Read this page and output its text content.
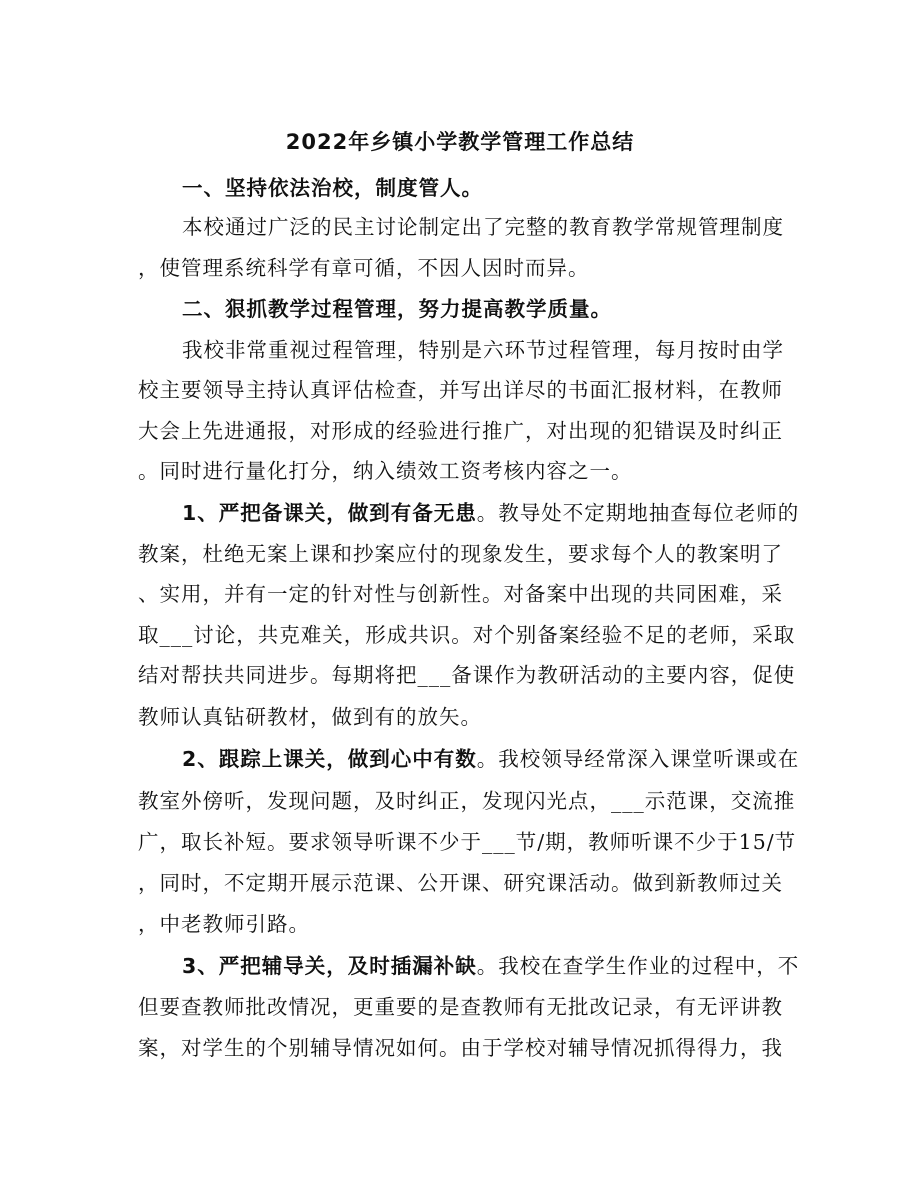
2022年乡镇小学教学管理工作总结
一、坚持依法治校，制度管人。
本校通过广泛的民主讨论制定出了完整的教育教学常规管理制度
，使管理系统科学有章可循，不因人因时而异。
二、狠抓教学过程管理，努力提高教学质量。
我校非常重视过程管理，特别是六环节过程管理，每月按时由学
校主要领导主持认真评估检查，并写出详尽的书面汇报材料，在教师
大会上先进通报，对形成的经验进行推广，对出现的犯错误及时纠正
。同时进行量化打分，纳入绩效工资考核内容之一。
1、严把备课关，做到有备无患。教导处不定期地抽查每位老师的
教案，杜绝无案上课和抄案应付的现象发生，要求每个人的教案明了
、实用，并有一定的针对性与创新性。对备案中出现的共同困难，采
取___讨论，共克难关，形成共识。对个别备案经验不足的老师，采取
结对帮扶共同进步。每期将把___备课作为教研活动的主要内容，促使
教师认真钻研教材，做到有的放矢。
2、跟踪上课关，做到心中有数。我校领导经常深入课堂听课或在
教室外傍听，发现问题，及时纠正，发现闪光点，___示范课，交流推
广，取长补短。要求领导听课不少于___节/期，教师听课不少于15/节
，同时，不定期开展示范课、公开课、研究课活动。做到新教师过关
，中老教师引路。
3、严把辅导关，及时插漏补缺。我校在查学生作业的过程中，不
但要查教师批改情况，更重要的是查教师有无批改记录，有无评讲教
案，对学生的个别辅导情况如何。由于学校对辅导情况抓得得力，我
